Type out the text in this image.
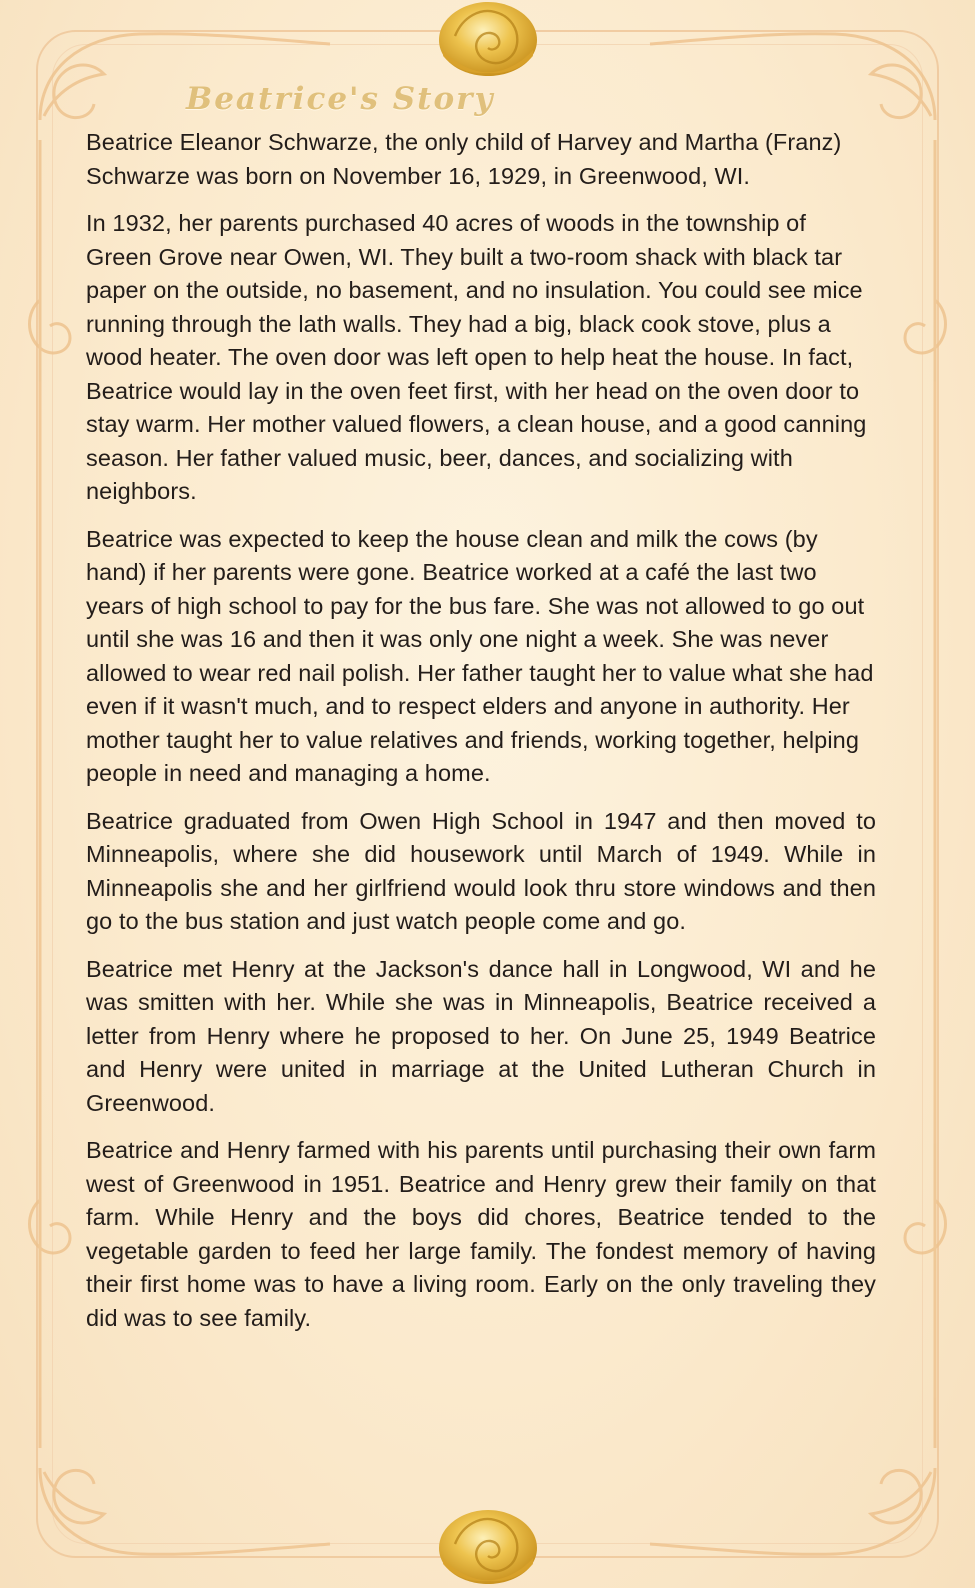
Beatrice's Story

Beatrice Eleanor Schwarze, the only child of Harvey and Martha (Franz) Schwarze was born on November 16, 1929, in Greenwood, WI.

In 1932, her parents purchased 40 acres of woods in the township of Green Grove near Owen, WI. They built a two-room shack with black tar paper on the outside, no basement, and no insulation. You could see mice running through the lath walls. They had a big, black cook stove, plus a wood heater. The oven door was left open to help heat the house. In fact, Beatrice would lay in the oven feet first, with her head on the oven door to stay warm. Her mother valued flowers, a clean house, and a good canning season. Her father valued music, beer, dances, and socializing with neighbors.

Beatrice was expected to keep the house clean and milk the cows (by hand) if her parents were gone. Beatrice worked at a café the last two years of high school to pay for the bus fare. She was not allowed to go out until she was 16 and then it was only one night a week. She was never allowed to wear red nail polish. Her father taught her to value what she had even if it wasn't much, and to respect elders and anyone in authority. Her mother taught her to value relatives and friends, working together, helping people in need and managing a home.

Beatrice graduated from Owen High School in 1947 and then moved to Minneapolis, where she did housework until March of 1949. While in Minneapolis she and her girlfriend would look thru store windows and then go to the bus station and just watch people come and go.

Beatrice met Henry at the Jackson's dance hall in Longwood, WI and he was smitten with her. While she was in Minneapolis, Beatrice received a letter from Henry where he proposed to her. On June 25, 1949 Beatrice and Henry were united in marriage at the United Lutheran Church in Greenwood.

Beatrice and Henry farmed with his parents until purchasing their own farm west of Greenwood in 1951. Beatrice and Henry grew their family on that farm. While Henry and the boys did chores, Beatrice tended to the vegetable garden to feed her large family. The fondest memory of having their first home was to have a living room. Early on the only traveling they did was to see family.
